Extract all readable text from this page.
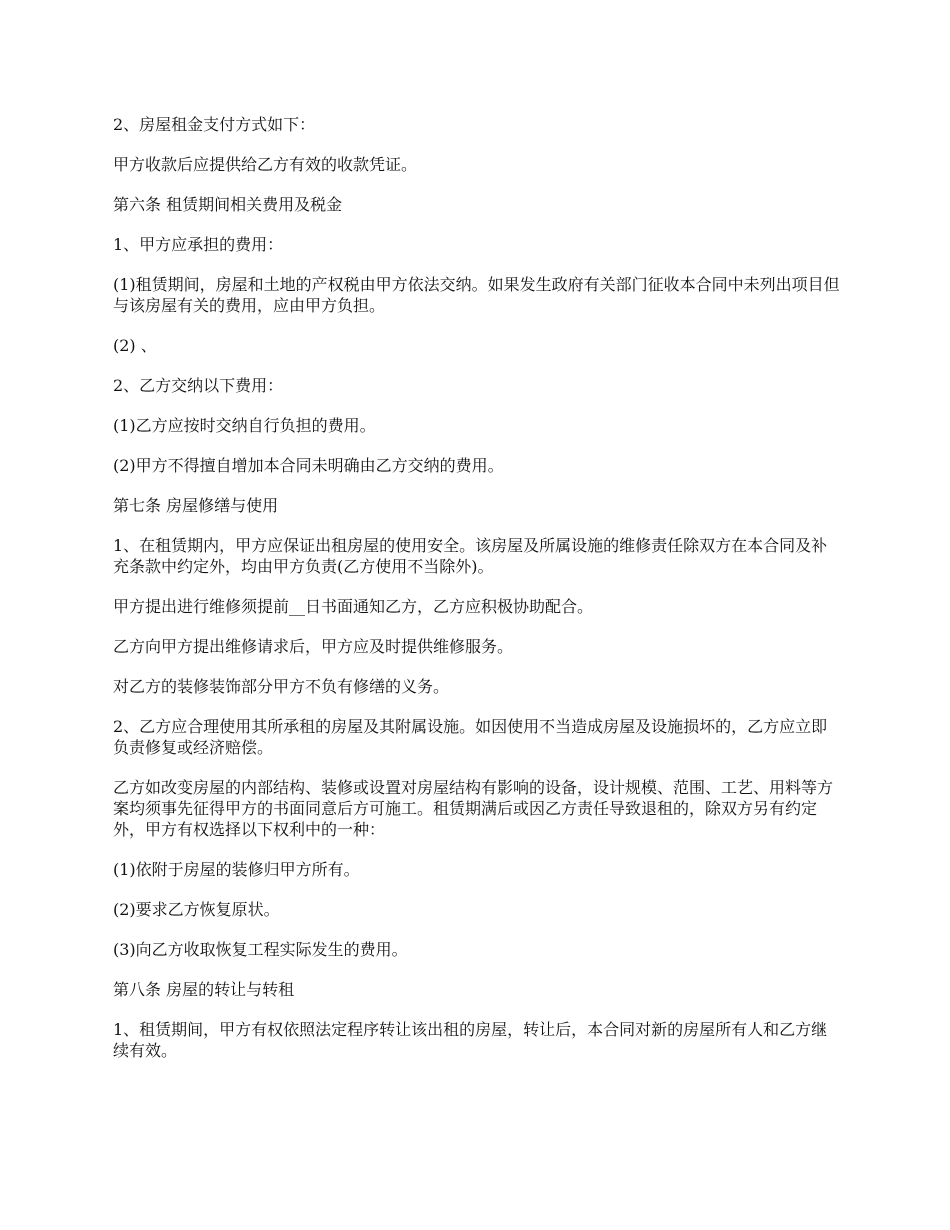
2、房屋租金支付方式如下：

甲方收款后应提供给乙方有效的收款凭证。

第六条 租赁期间相关费用及税金

1、甲方应承担的费用：

(1)租赁期间，房屋和土地的产权税由甲方依法交纳。如果发生政府有关部门征收本合同中未列出项目但与该房屋有关的费用，应由甲方负担。

(2) 、

2、乙方交纳以下费用：

(1)乙方应按时交纳自行负担的费用。

(2)甲方不得擅自增加本合同未明确由乙方交纳的费用。

第七条 房屋修缮与使用

1、在租赁期内，甲方应保证出租房屋的使用安全。该房屋及所属设施的维修责任除双方在本合同及补充条款中约定外，均由甲方负责(乙方使用不当除外)。

甲方提出进行维修须提前__日书面通知乙方，乙方应积极协助配合。

乙方向甲方提出维修请求后，甲方应及时提供维修服务。

对乙方的装修装饰部分甲方不负有修缮的义务。

2、乙方应合理使用其所承租的房屋及其附属设施。如因使用不当造成房屋及设施损坏的，乙方应立即负责修复或经济赔偿。

乙方如改变房屋的内部结构、装修或设置对房屋结构有影响的设备，设计规模、范围、工艺、用料等方案均须事先征得甲方的书面同意后方可施工。租赁期满后或因乙方责任导致退租的，除双方另有约定外，甲方有权选择以下权利中的一种：

(1)依附于房屋的装修归甲方所有。

(2)要求乙方恢复原状。

(3)向乙方收取恢复工程实际发生的费用。

第八条 房屋的转让与转租

1、租赁期间，甲方有权依照法定程序转让该出租的房屋，转让后，本合同对新的房屋所有人和乙方继续有效。
